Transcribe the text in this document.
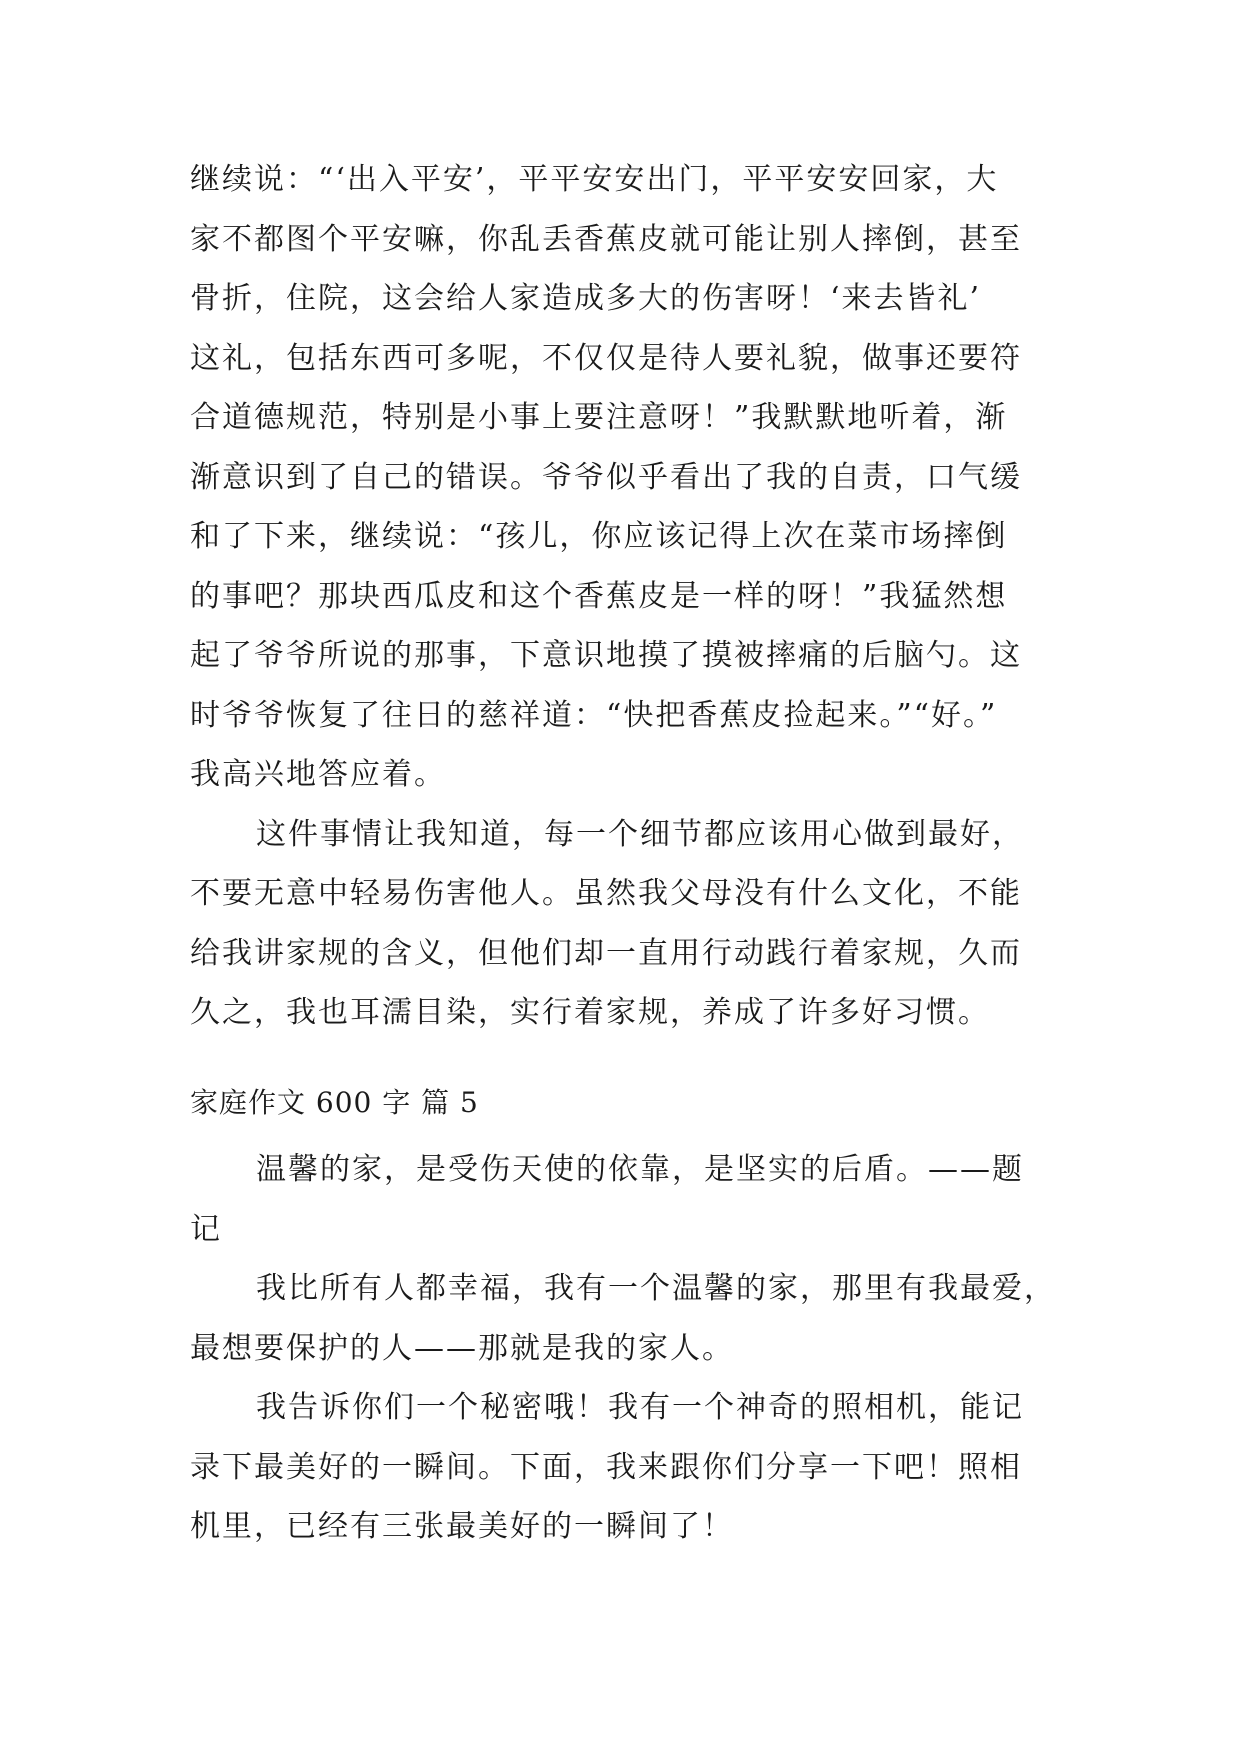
继续说：“‘出入平安’，平平安安出门，平平安安回家，大
家不都图个平安嘛，你乱丢香蕉皮就可能让别人摔倒，甚至
骨折，住院，这会给人家造成多大的伤害呀！‘来去皆礼’
这礼，包括东西可多呢，不仅仅是待人要礼貌，做事还要符
合道德规范，特别是小事上要注意呀！”我默默地听着，渐
渐意识到了自己的错误。爷爷似乎看出了我的自责，口气缓
和了下来，继续说：“孩儿，你应该记得上次在菜市场摔倒
的事吧？那块西瓜皮和这个香蕉皮是一样的呀！”我猛然想
起了爷爷所说的那事，下意识地摸了摸被摔痛的后脑勺。这
时爷爷恢复了往日的慈祥道：“快把香蕉皮捡起来。”“好。”
我高兴地答应着。
这件事情让我知道，每一个细节都应该用心做到最好，
不要无意中轻易伤害他人。虽然我父母没有什么文化，不能
给我讲家规的含义，但他们却一直用行动践行着家规，久而
久之，我也耳濡目染，实行着家规，养成了许多好习惯。
家庭作文 600 字 篇 5
温馨的家，是受伤天使的依靠，是坚实的后盾。——题
记
我比所有人都幸福，我有一个温馨的家，那里有我最爱，
最想要保护的人——那就是我的家人。
我告诉你们一个秘密哦！我有一个神奇的照相机，能记
录下最美好的一瞬间。下面，我来跟你们分享一下吧！照相
机里，已经有三张最美好的一瞬间了！
